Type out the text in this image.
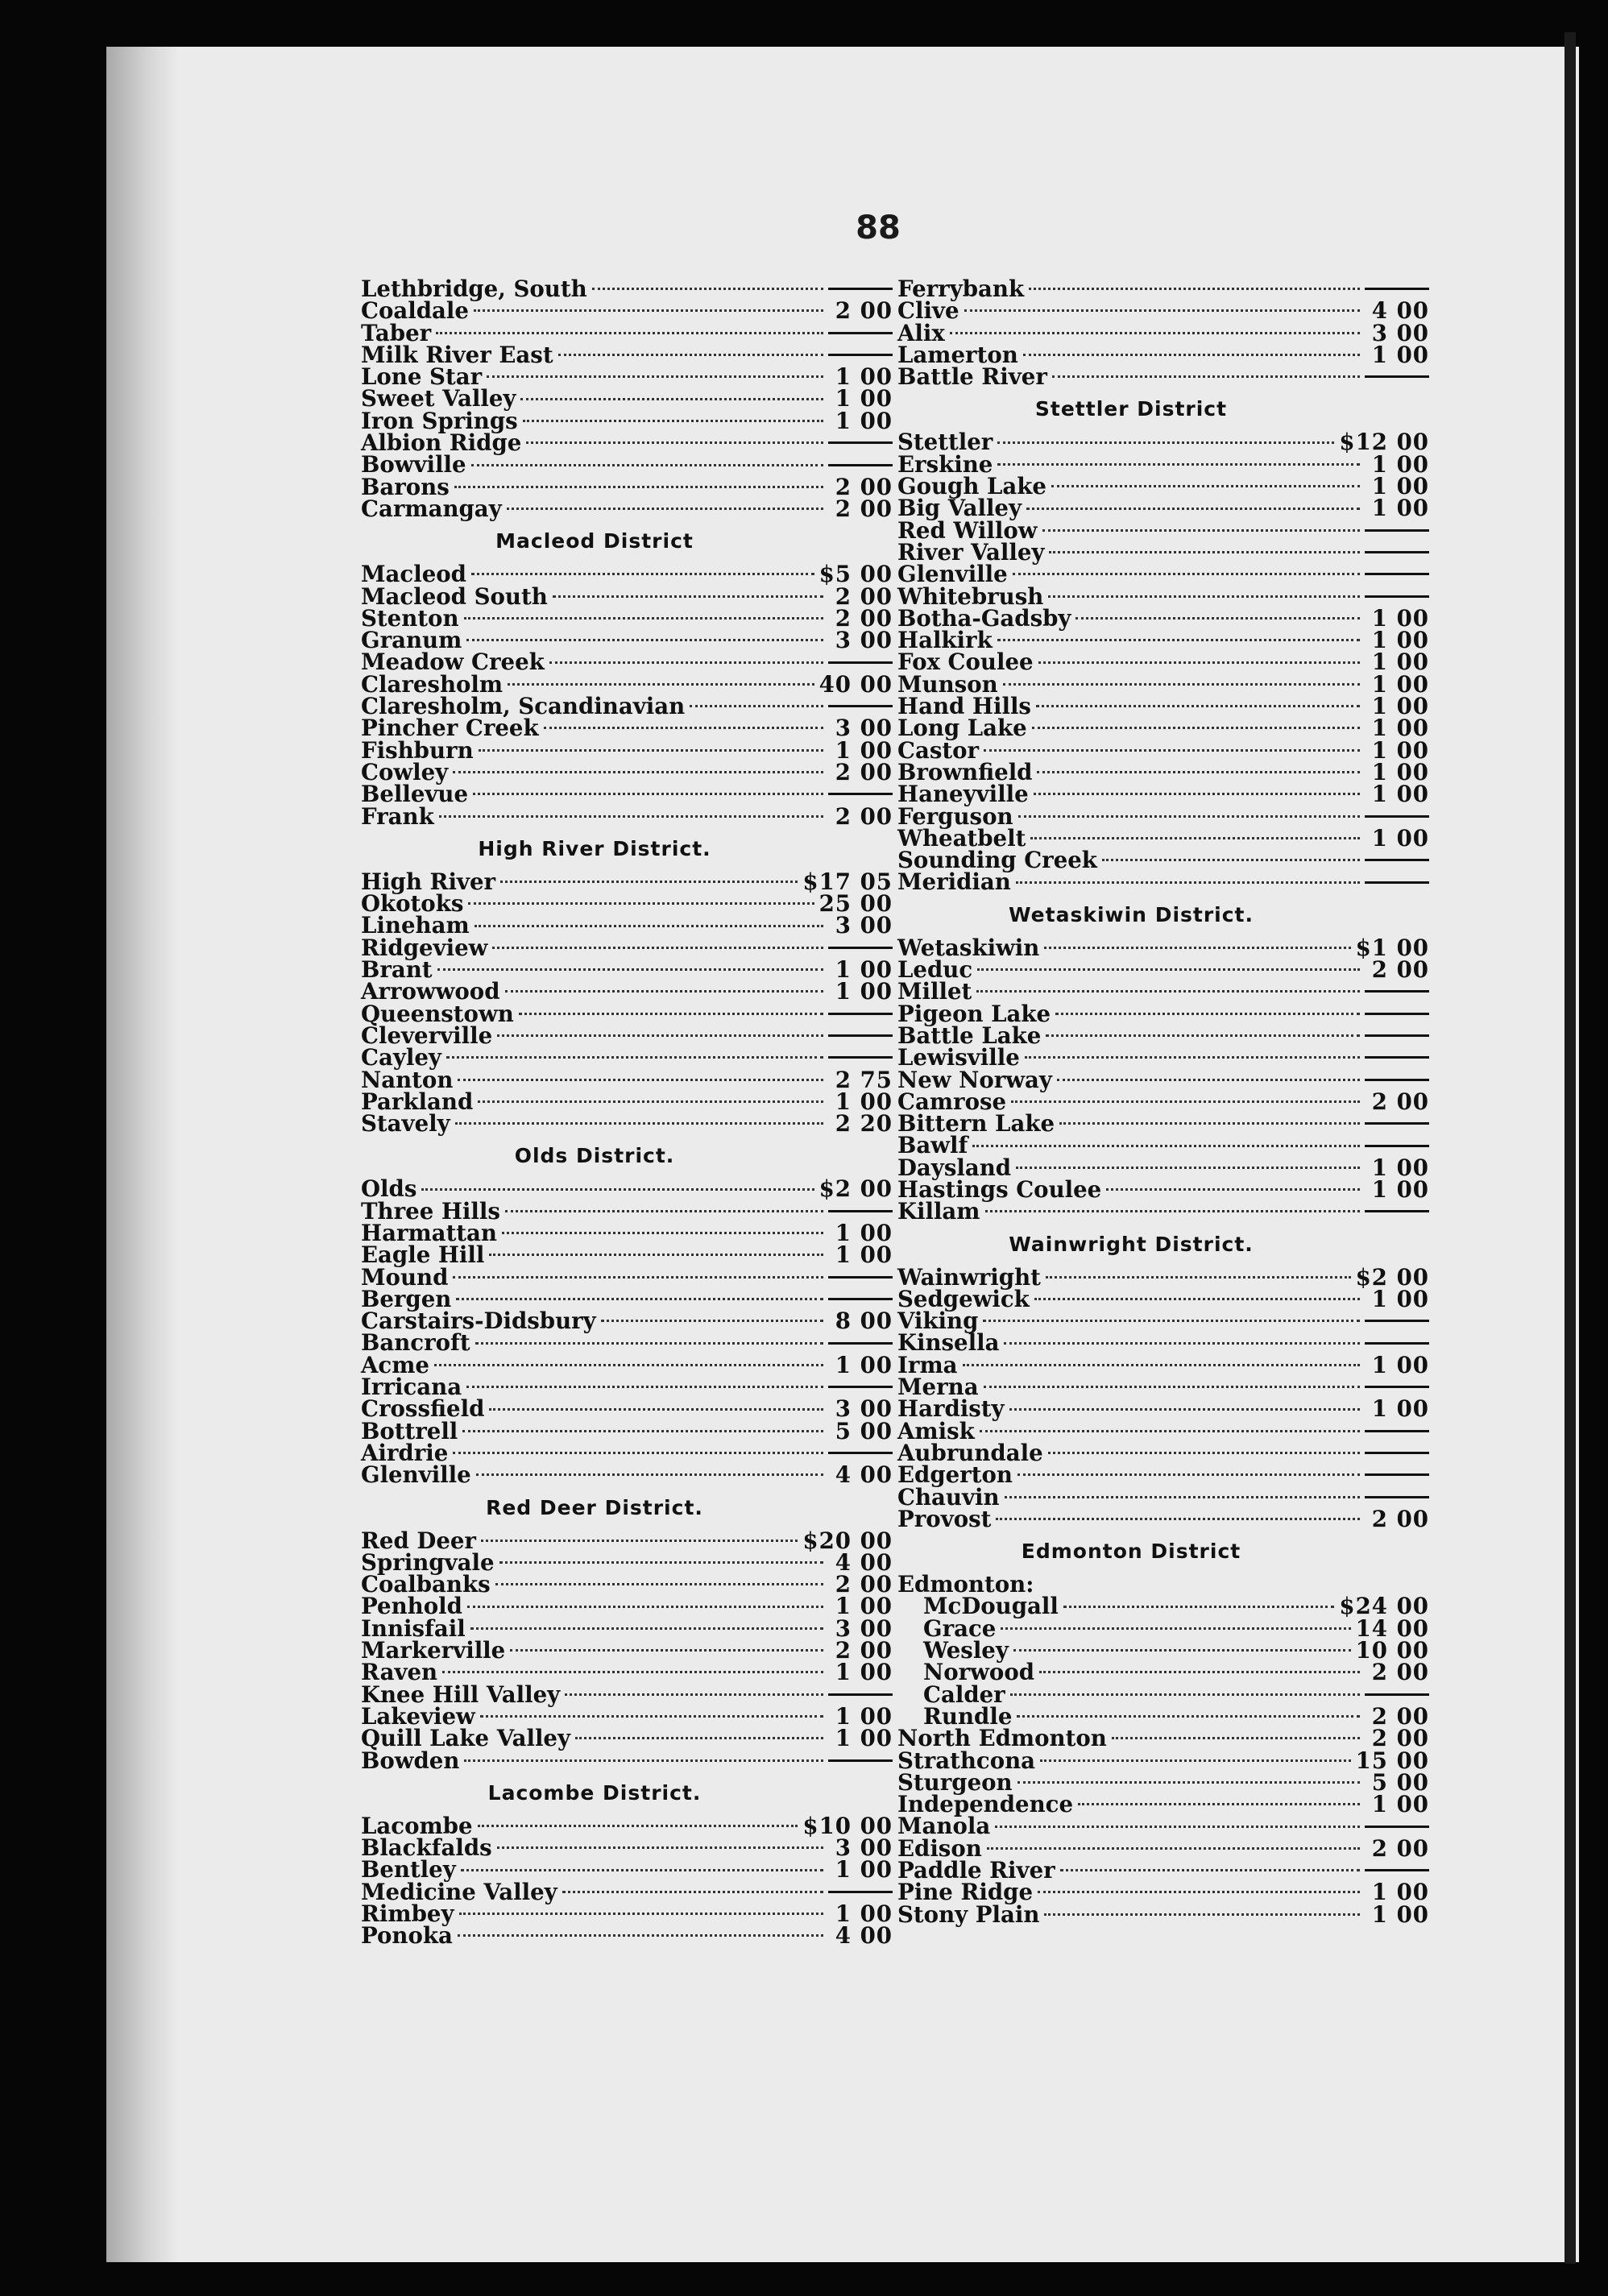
88
Lethbridge, South
Coaldale	2 00
Taber
Milk River East
Lone Star	1 00
Sweet Valley	1 00
Iron Springs	1 00
Albion Ridge
Bowville
Barons	2 00
Carmangay	2 00
Macleod District
Macleod	$5 00
Macleod South	2 00
Stenton	2 00
Granum	3 00
Meadow Creek
Claresholm	40 00
Claresholm, Scandinavian
Pincher Creek	3 00
Fishburn	1 00
Cowley	2 00
Bellevue
Frank	2 00
High River District.
High River	$17 05
Okotoks	25 00
Lineham	3 00
Ridgeview
Brant	1 00
Arrowwood	1 00
Queenstown
Cleverville
Cayley
Nanton	2 75
Parkland	1 00
Stavely	2 20
Olds District.
Olds	$2 00
Three Hills
Harmattan	1 00
Eagle Hill	1 00
Mound
Bergen
Carstairs-Didsbury	8 00
Bancroft
Acme	1 00
Irricana
Crossfield	3 00
Bottrell	5 00
Airdrie
Glenville	4 00
Red Deer District.
Red Deer	$20 00
Springvale	4 00
Coalbanks	2 00
Penhold	1 00
Innisfail	3 00
Markerville	2 00
Raven	1 00
Knee Hill Valley
Lakeview	1 00
Quill Lake Valley	1 00
Bowden
Lacombe District.
Lacombe	$10 00
Blackfalds	3 00
Bentley	1 00
Medicine Valley
Rimbey	1 00
Ponoka	4 00
Ferrybank
Clive	4 00
Alix	3 00
Lamerton	1 00
Battle River
Stettler District
Stettler	$12 00
Erskine	1 00
Gough Lake	1 00
Big Valley	1 00
Red Willow
River Valley
Glenville
Whitebrush
Botha-Gadsby	1 00
Halkirk	1 00
Fox Coulee	1 00
Munson	1 00
Hand Hills	1 00
Long Lake	1 00
Castor	1 00
Brownfield	1 00
Haneyville	1 00
Ferguson
Wheatbelt	1 00
Sounding Creek
Meridian
Wetaskiwin District.
Wetaskiwin	$1 00
Leduc	2 00
Millet
Pigeon Lake
Battle Lake
Lewisville
New Norway
Camrose	2 00
Bittern Lake
Bawlf
Daysland	1 00
Hastings Coulee	1 00
Killam
Wainwright District.
Wainwright	$2 00
Sedgewick	1 00
Viking
Kinsella
Irma	1 00
Merna
Hardisty	1 00
Amisk
Aubrundale
Edgerton
Chauvin
Provost	2 00
Edmonton District
Edmonton:
McDougall	$24 00
Grace	14 00
Wesley	10 00
Norwood	2 00
Calder
Rundle	2 00
North Edmonton	2 00
Strathcona	15 00
Sturgeon	5 00
Independence	1 00
Manola
Edison	2 00
Paddle River
Pine Ridge	1 00
Stony Plain	1 00
